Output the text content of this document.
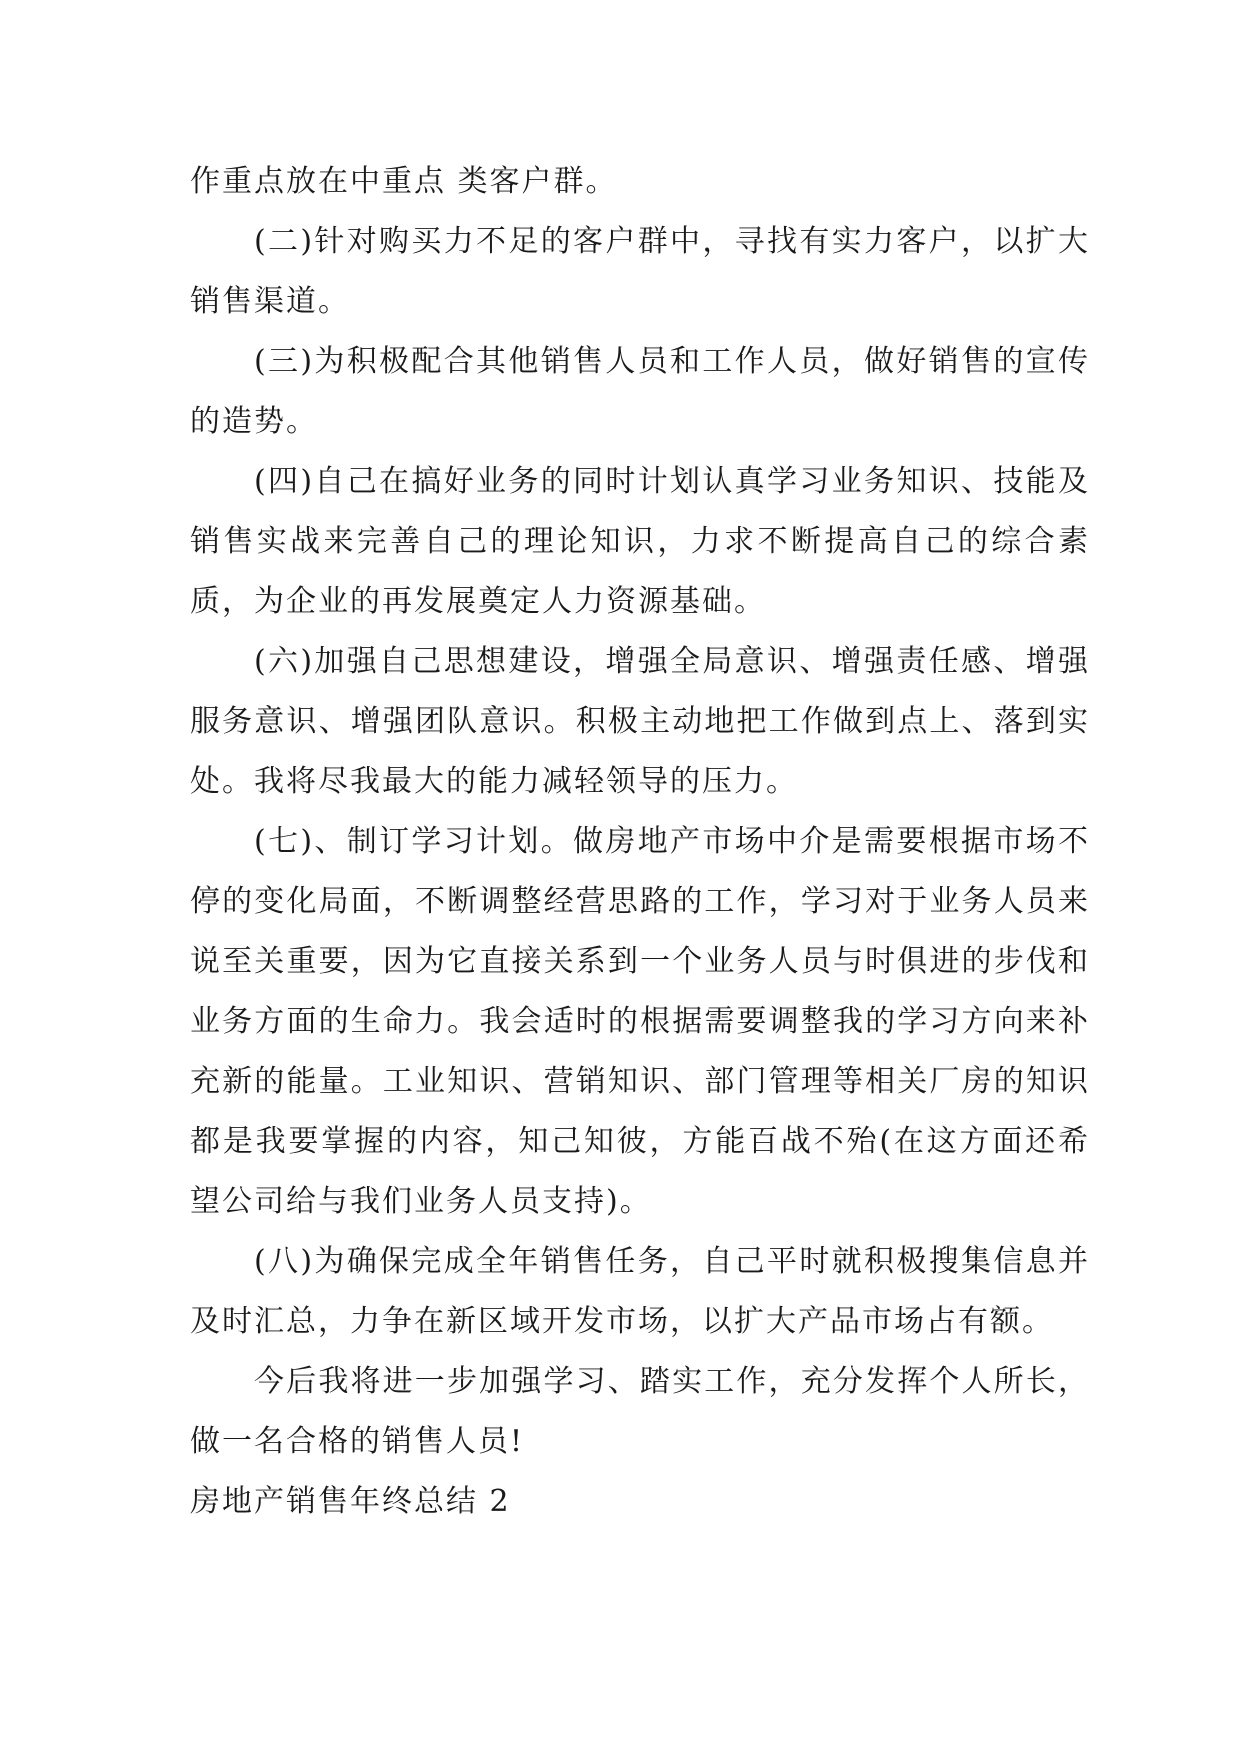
作重点放在中重点 类客户群。

(二)针对购买力不足的客户群中，寻找有实力客户，以扩大销售渠道。

(三)为积极配合其他销售人员和工作人员，做好销售的宣传的造势。

(四)自己在搞好业务的同时计划认真学习业务知识、技能及销售实战来完善自己的理论知识，力求不断提高自己的综合素质，为企业的再发展奠定人力资源基础。

(六)加强自己思想建设，增强全局意识、增强责任感、增强服务意识、增强团队意识。积极主动地把工作做到点上、落到实处。我将尽我最大的能力减轻领导的压力。

(七)、制订学习计划。做房地产市场中介是需要根据市场不停的变化局面，不断调整经营思路的工作，学习对于业务人员来说至关重要，因为它直接关系到一个业务人员与时俱进的步伐和业务方面的生命力。我会适时的根据需要调整我的学习方向来补充新的能量。工业知识、营销知识、部门管理等相关厂房的知识都是我要掌握的内容，知己知彼，方能百战不殆(在这方面还希望公司给与我们业务人员支持)。

(八)为确保完成全年销售任务，自己平时就积极搜集信息并及时汇总，力争在新区域开发市场，以扩大产品市场占有额。

今后我将进一步加强学习、踏实工作，充分发挥个人所长，做一名合格的销售人员!

房地产销售年终总结 2
